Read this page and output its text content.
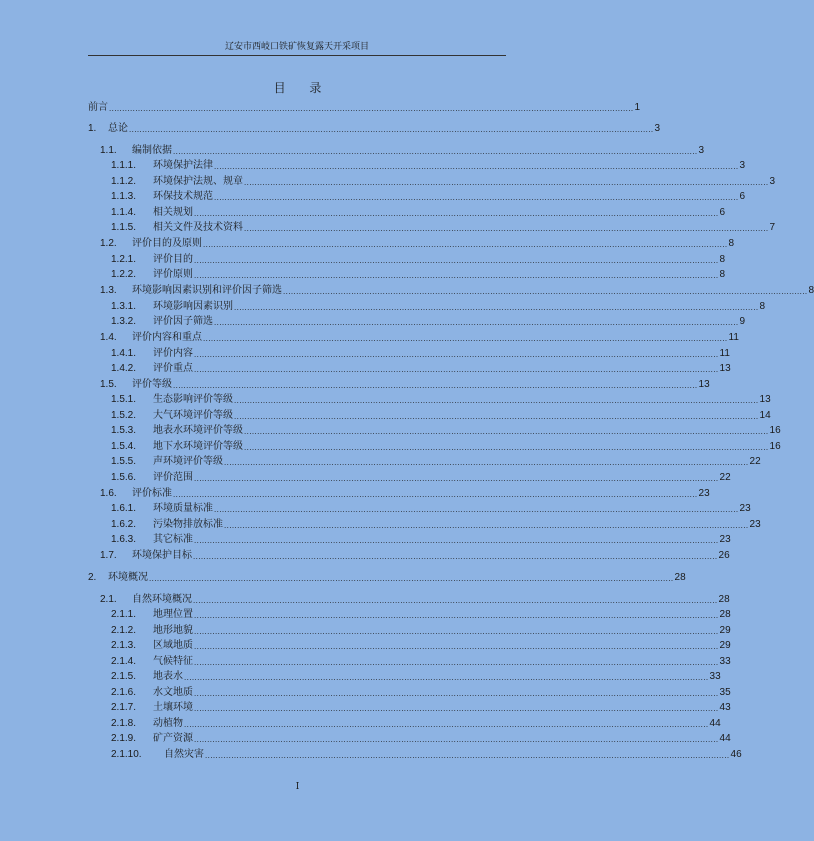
辽安市西岐口铁矿恢复露天开采项目
目 录
前言 ........................................................................................................................................................................................................ 1
1.	总论 ........................................................................................................................................................................................................ 3
1.1.	编制依据 ........................................................................................................................................................................................................ 3
1.1.1.	环境保护法律 ........................................................................................................................................................................................................ 3
1.1.2.	环境保护法规、规章 ........................................................................................................................................................................................................ 3
1.1.3.	环保技术规范 ........................................................................................................................................................................................................ 6
1.1.4.	相关规划 ........................................................................................................................................................................................................ 6
1.1.5.	相关文件及技术资料 ........................................................................................................................................................................................................ 7
1.2.	评价目的及原则 ........................................................................................................................................................................................................ 8
1.2.1.	评价目的 ........................................................................................................................................................................................................ 8
1.2.2.	评价原则 ........................................................................................................................................................................................................ 8
1.3.	环境影响因素识别和评价因子筛选 ........................................................................................................................................................................................................ 8
1.3.1.	环境影响因素识别 ........................................................................................................................................................................................................ 8
1.3.2.	评价因子筛选 ........................................................................................................................................................................................................ 9
1.4.	评价内容和重点 ........................................................................................................................................................................................................ 11
1.4.1.	评价内容 ........................................................................................................................................................................................................ 11
1.4.2.	评价重点 ........................................................................................................................................................................................................ 13
1.5.	评价等级 ........................................................................................................................................................................................................ 13
1.5.1.	生态影响评价等级 ........................................................................................................................................................................................................ 13
1.5.2.	大气环境评价等级 ........................................................................................................................................................................................................ 14
1.5.3.	地表水环境评价等级 ........................................................................................................................................................................................................ 16
1.5.4.	地下水环境评价等级 ........................................................................................................................................................................................................ 16
1.5.5.	声环境评价等级 ........................................................................................................................................................................................................ 22
1.5.6.	评价范围 ........................................................................................................................................................................................................ 22
1.6.	评价标准 ........................................................................................................................................................................................................ 23
1.6.1.	环境质量标准 ........................................................................................................................................................................................................ 23
1.6.2.	污染物排放标准 ........................................................................................................................................................................................................ 23
1.6.3.	其它标准 ........................................................................................................................................................................................................ 23
1.7.	环境保护目标 ........................................................................................................................................................................................................ 26
2.	环境概况 ........................................................................................................................................................................................................ 28
2.1.	自然环境概况 ........................................................................................................................................................................................................ 28
2.1.1.	地理位置 ........................................................................................................................................................................................................ 28
2.1.2.	地形地貌 ........................................................................................................................................................................................................ 29
2.1.3.	区域地质 ........................................................................................................................................................................................................ 29
2.1.4.	气候特征 ........................................................................................................................................................................................................ 33
2.1.5.	地表水 ........................................................................................................................................................................................................ 33
2.1.6.	水文地质 ........................................................................................................................................................................................................ 35
2.1.7.	土壤环境 ........................................................................................................................................................................................................ 43
2.1.8.	动植物 ........................................................................................................................................................................................................ 44
2.1.9.	矿产资源 ........................................................................................................................................................................................................ 44
2.1.10.	自然灾害 ........................................................................................................................................................................................................ 46
I
